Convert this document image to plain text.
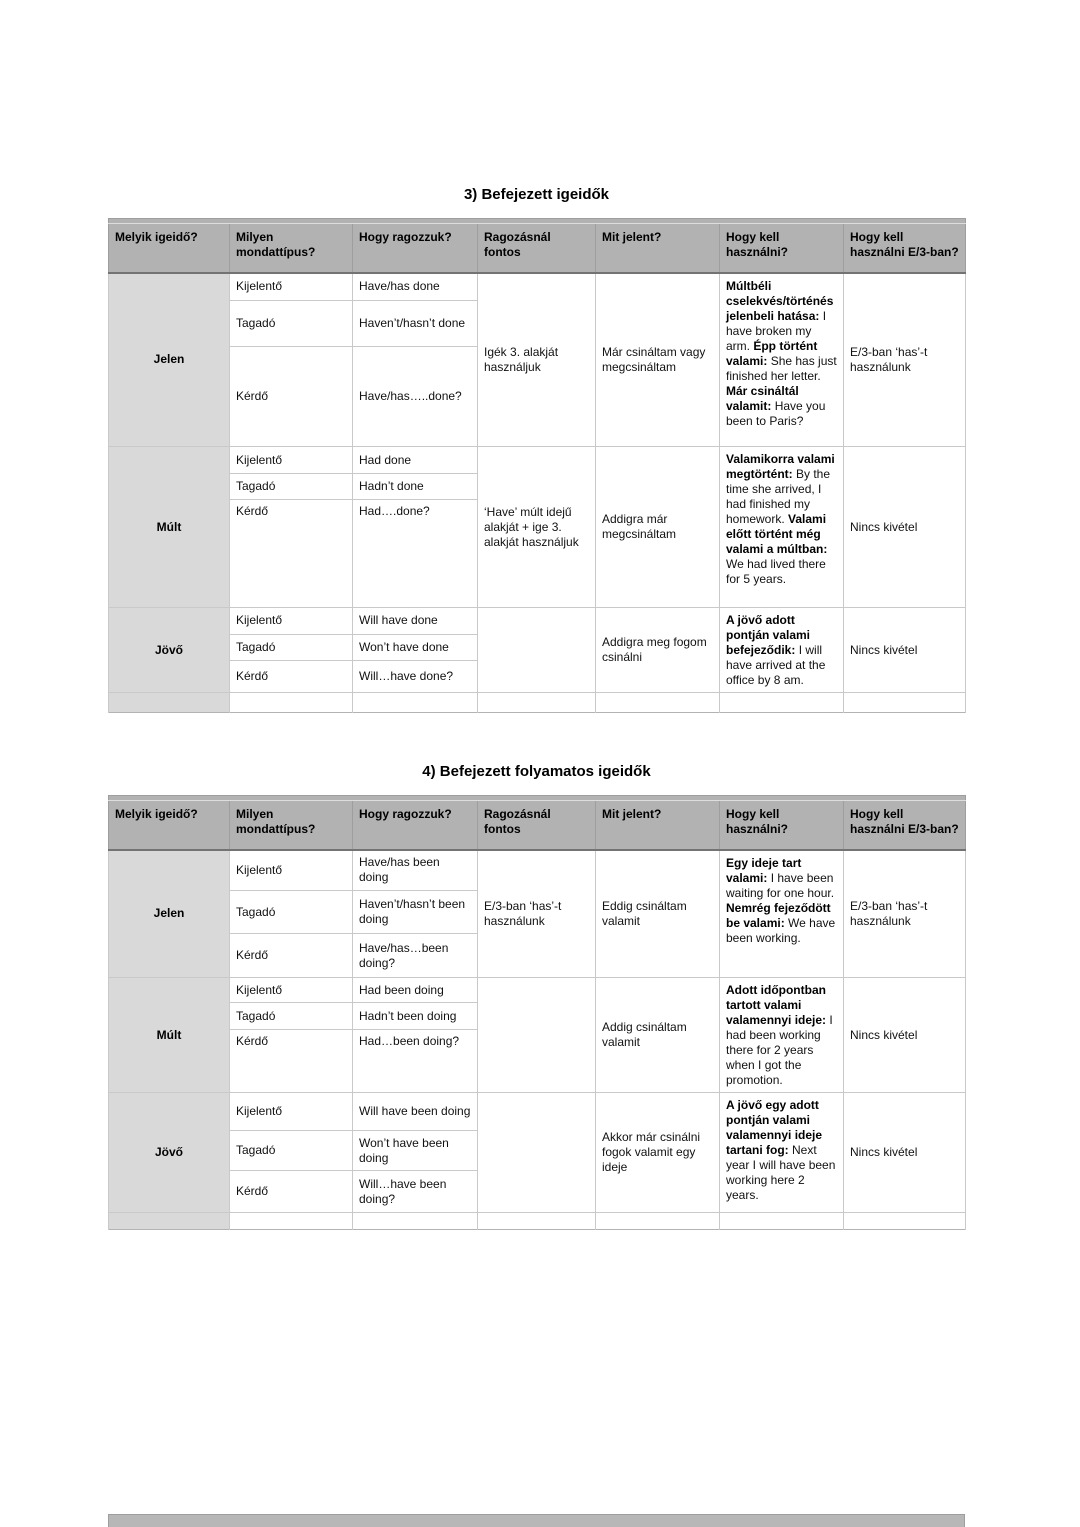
3) Befejezett igeidők

Melyik igeidő?	Milyen mondattípus?	Hogy ragozzuk?	Ragozásnál fontos	Mit jelent?	Hogy kell használni?	Hogy kell használni E/3-ban?
Jelen	Kijelentő	Have/has done	Igék 3. alakját használjuk	Már csináltam vagy megcsináltam	Múltbéli cselekvés/történés jelenbeli hatása: I have broken my arm. Épp történt valami: She has just finished her letter. Már csináltál valamit: Have you been to Paris?	E/3-ban ‘has’-t használunk
	Tagadó	Haven’t/hasn’t done				
	Kérdő	Have/has…..done?				
Múlt	Kijelentő	Had done	‘Have’ múlt idejű alakját + ige 3. alakját használjuk	Addigra már megcsináltam	Valamikorra valami megtörtént: By the time she arrived, I had finished my homework. Valami előtt történt még valami a múltban: We had lived there for 5 years.	Nincs kivétel
	Tagadó	Hadn’t done				
	Kérdő	Had….done?				
Jövő	Kijelentő	Will have done		Addigra meg fogom csinálni	A jövő adott pontján valami befejeződik: I will have arrived at the office by 8 am.	Nincs kivétel
	Tagadó	Won’t have done				
	Kérdő	Will…have done?				

4) Befejezett folyamatos igeidők

Melyik igeidő?	Milyen mondattípus?	Hogy ragozzuk?	Ragozásnál fontos	Mit jelent?	Hogy kell használni?	Hogy kell használni E/3-ban?
Jelen	Kijelentő	Have/has been doing	E/3-ban ‘has’-t használunk	Eddig csináltam valamit	Egy ideje tart valami: I have been waiting for one hour. Nemrég fejeződött be valami: We have been working.	E/3-ban ‘has’-t használunk
	Tagadó	Haven’t/hasn’t been doing				
	Kérdő	Have/has…been doing?				
Múlt	Kijelentő	Had been doing		Addig csináltam valamit	Adott időpontban tartott valami valamennyi ideje: I had been working there for 2 years when I got the promotion.	Nincs kivétel
	Tagadó	Hadn’t been doing				
	Kérdő	Had…been doing?				
Jövő	Kijelentő	Will have been doing		Akkor már csinálni fogok valamit egy ideje	A jövő egy adott pontján valami valamennyi ideje tartani fog: Next year I will have been working here 2 years.	Nincs kivétel
	Tagadó	Won’t have been doing				
	Kérdő	Will…have been doing?				
